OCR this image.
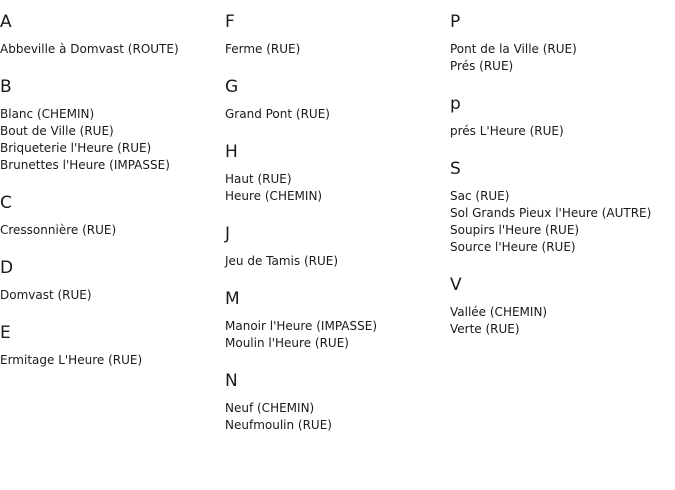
A
Abbeville à Domvast (ROUTE)
B
Blanc (CHEMIN)
Bout de Ville (RUE)
Briqueterie l'Heure (RUE)
Brunettes l'Heure (IMPASSE)
C
Cressonnière (RUE)
D
Domvast (RUE)
E
Ermitage L'Heure (RUE)
F
Ferme (RUE)
G
Grand Pont (RUE)
H
Haut (RUE)
Heure (CHEMIN)
J
Jeu de Tamis (RUE)
M
Manoir l'Heure (IMPASSE)
Moulin l'Heure (RUE)
N
Neuf (CHEMIN)
Neufmoulin (RUE)
P
Pont de la Ville (RUE)
Prés (RUE)
p
prés L'Heure (RUE)
S
Sac (RUE)
Sol Grands Pieux l'Heure (AUTRE)
Soupirs l'Heure (RUE)
Source l'Heure (RUE)
V
Vallée (CHEMIN)
Verte (RUE)
